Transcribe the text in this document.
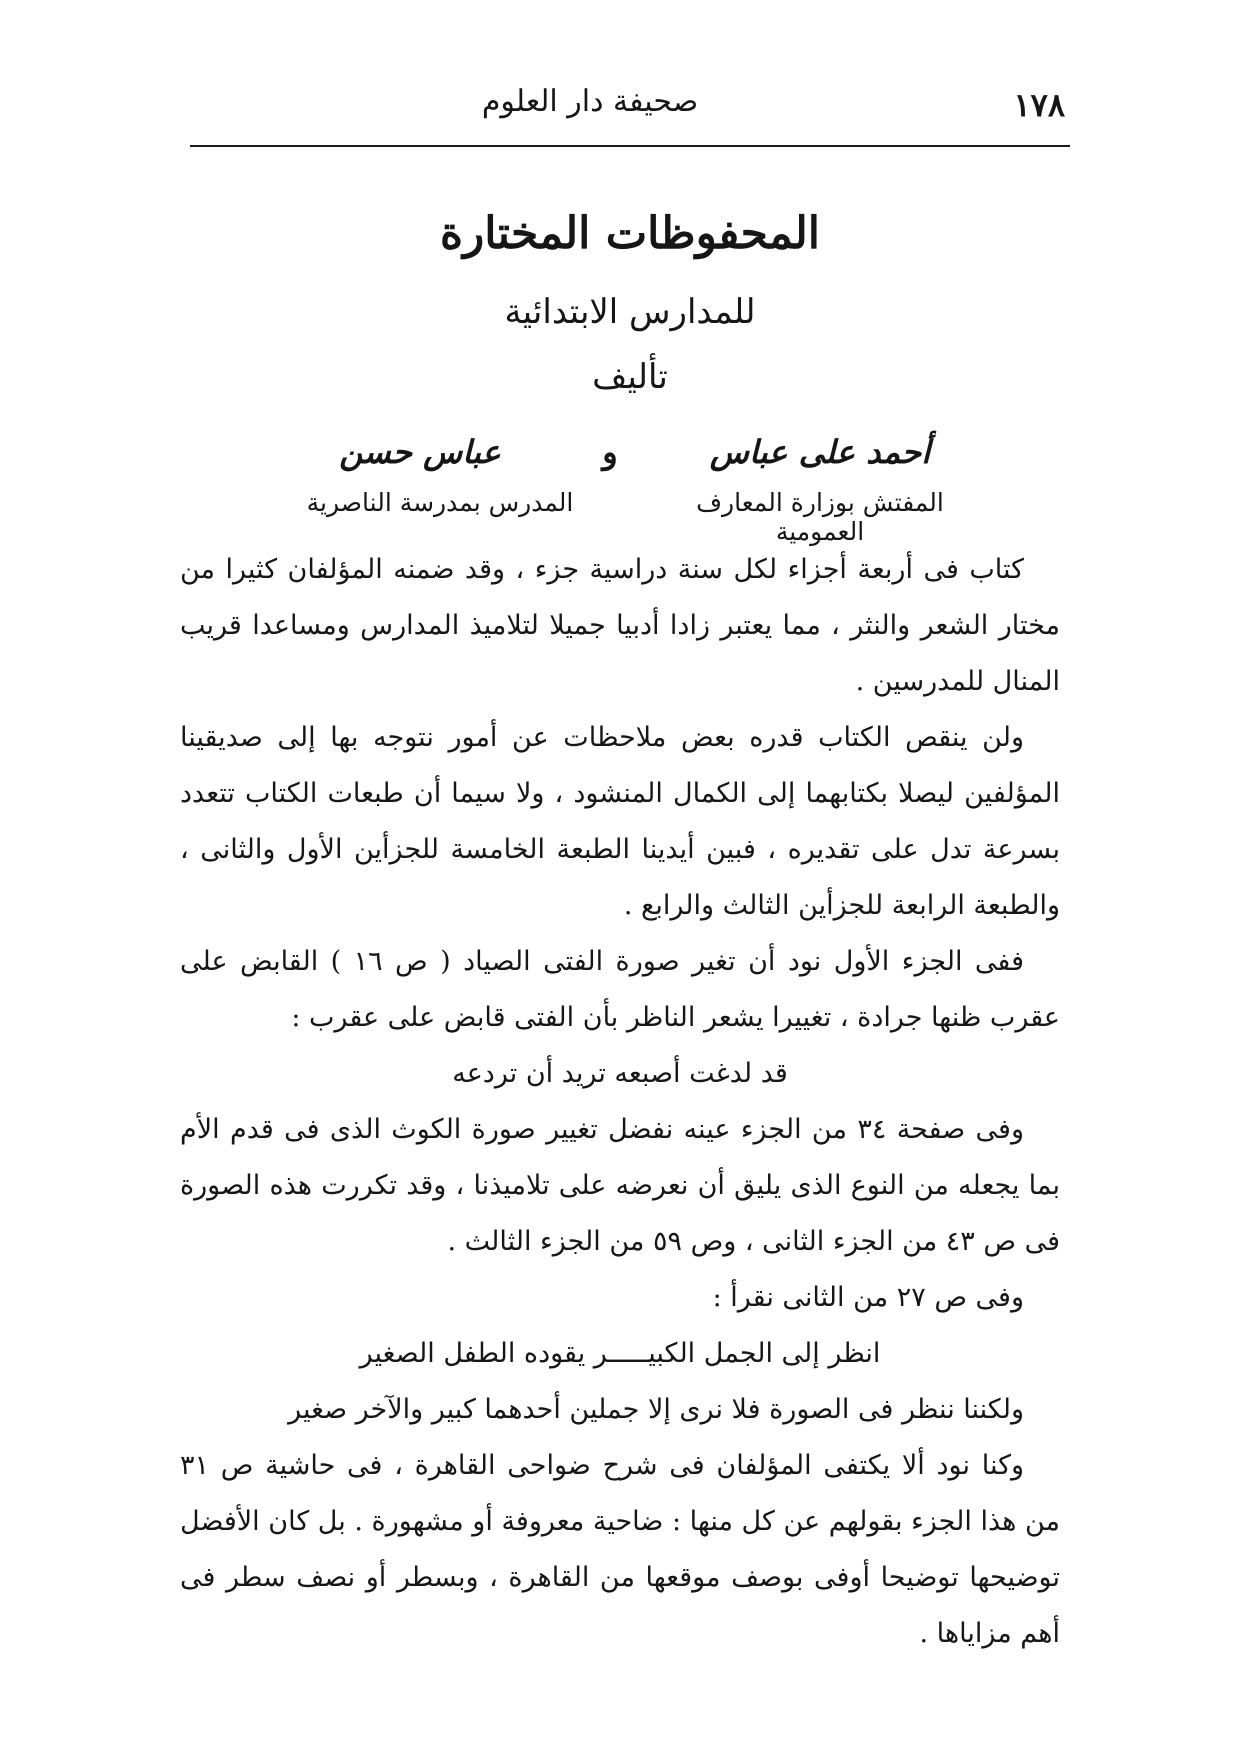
صحيفة دار العلوم	١٧٨
المحفوظات المختارة
للمدارس الابتدائية
تأليف
أحمد على عباس
و
عباس حسن
المفتش بوزارة المعارف العمومية
المدرس بمدرسة الناصرية
كتاب فى أربعة أجزاء لكل سنة دراسية جزء ، وقد ضمنه المؤلفان كثيرا من مختار الشعر والنثر ، مما يعتبر زادا أدبيا جميلا لتلاميذ المدارس ومساعدا قريب المنال للمدرسين .
ولن ينقص الكتاب قدره بعض ملاحظات عن أمور نتوجه بها إلى صديقينا المؤلفين ليصلا بكتابهما إلى الكمال المنشود ، ولا سيما أن طبعات الكتاب تتعدد بسرعة تدل على تقديره ، فبين أيدينا الطبعة الخامسة للجزأين الأول والثانى ، والطبعة الرابعة للجزأين الثالث والرابع .
ففى الجزء الأول نود أن تغير صورة الفتى الصياد ( ص ١٦ ) القابض على عقرب ظنها جرادة ، تغييرا يشعر الناظر بأن الفتى قابض على عقرب :
قد لدغت أصبعه تريد أن تردعه
وفى صفحة ٣٤ من الجزء عينه نفضل تغيير صورة الكوث الذى فى قدم الأم بما يجعله من النوع الذى يليق أن نعرضه على تلاميذنا ، وقد تكررت هذه الصورة فى ص ٤٣ من الجزء الثانى ، وص ٥٩ من الجزء الثالث .
وفى ص ٢٧ من الثانى نقرأ :
انظر إلى الجمل الكبيـــــر يقوده الطفل الصغير
ولكننا ننظر فى الصورة فلا نرى إلا جملين أحدهما كبير والآخر صغير
وكنا نود ألا يكتفى المؤلفان فى شرح ضواحى القاهرة ، فى حاشية ص ٣١ من هذا الجزء بقولهم عن كل منها : ضاحية معروفة أو مشهورة . بل كان الأفضل توضيحها توضيحا أوفى بوصف موقعها من القاهرة ، وبسطر أو نصف سطر فى أهم مزاياها .
